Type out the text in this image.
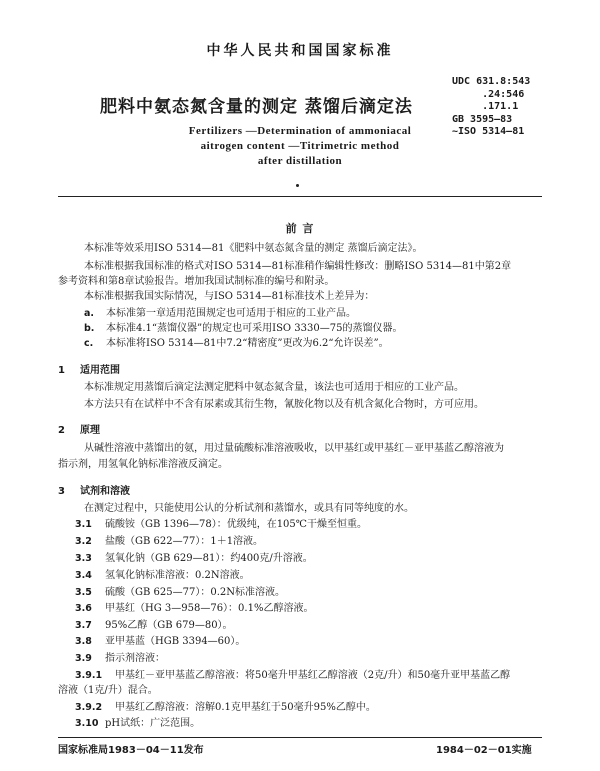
中华人民共和国国家标准
肥料中氨态氮含量的测定 蒸馏后滴定法
UDC 631.8:543
.24:546
.171.1
GB 3595—83
~ISO 5314—81
Fertilizers —Determination of ammoniacal
aitrogen content —Titrimetric method
after distillation
前 言
本标准等效采用ISO 5314—81《肥料中氨态氮含量的测定 蒸馏后滴定法》。
本标准根据我国标准的格式对ISO 5314—81标准稍作编辑性修改：删略ISO 5314—81中第2章
参考资料和第8章试验报告。增加我国试制标准的编号和附录。
本标准根据我国实际情况，与ISO 5314—81标准技术上差异为：
a. 本标准第一章适用范围规定也可适用于相应的工业产品。
b. 本标准4.1“蒸馏仪器”的规定也可采用ISO 3330—75的蒸馏仪器。
c. 本标准将ISO 5314—81中7.2“精密度”更改为6.2“允许误差”。
1 适用范围
本标准规定用蒸馏后滴定法测定肥料中氨态氮含量，该法也可适用于相应的工业产品。
本方法只有在试样中不含有尿素或其衍生物，氰胺化物以及有机含氮化合物时，方可应用。
2 原理
从碱性溶液中蒸馏出的氨，用过量硫酸标准溶液吸收，以甲基红或甲基红－亚甲基蓝乙醇溶液为
指示剂，用氢氧化钠标准溶液反滴定。
3 试剂和溶液
在测定过程中，只能使用公认的分析试剂和蒸馏水，或具有同等纯度的水。
3.1 硫酸铵（GB 1396—78）：优级纯，在105℃干燥至恒重。
3.2 盐酸（GB 622—77）：1＋1溶液。
3.3 氢氧化钠（GB 629—81）：约400克/升溶液。
3.4 氢氧化钠标准溶液：0.2N溶液。
3.5 硫酸（GB 625—77）：0.2N标准溶液。
3.6 甲基红（HG 3—958—76）：0.1%乙醇溶液。
3.7 95%乙醇（GB 679—80）。
3.8 亚甲基蓝（HGB 3394—60）。
3.9 指示剂溶液：
3.9.1 甲基红－亚甲基蓝乙醇溶液：将50毫升甲基红乙醇溶液（2克/升）和50毫升亚甲基蓝乙醇
溶液（1克/升）混合。
3.9.2 甲基红乙醇溶液：溶解0.1克甲基红于50毫升95%乙醇中。
3.10 pH试纸：广泛范围。
国家标准局1983－04－11发布	1984－02－01实施
